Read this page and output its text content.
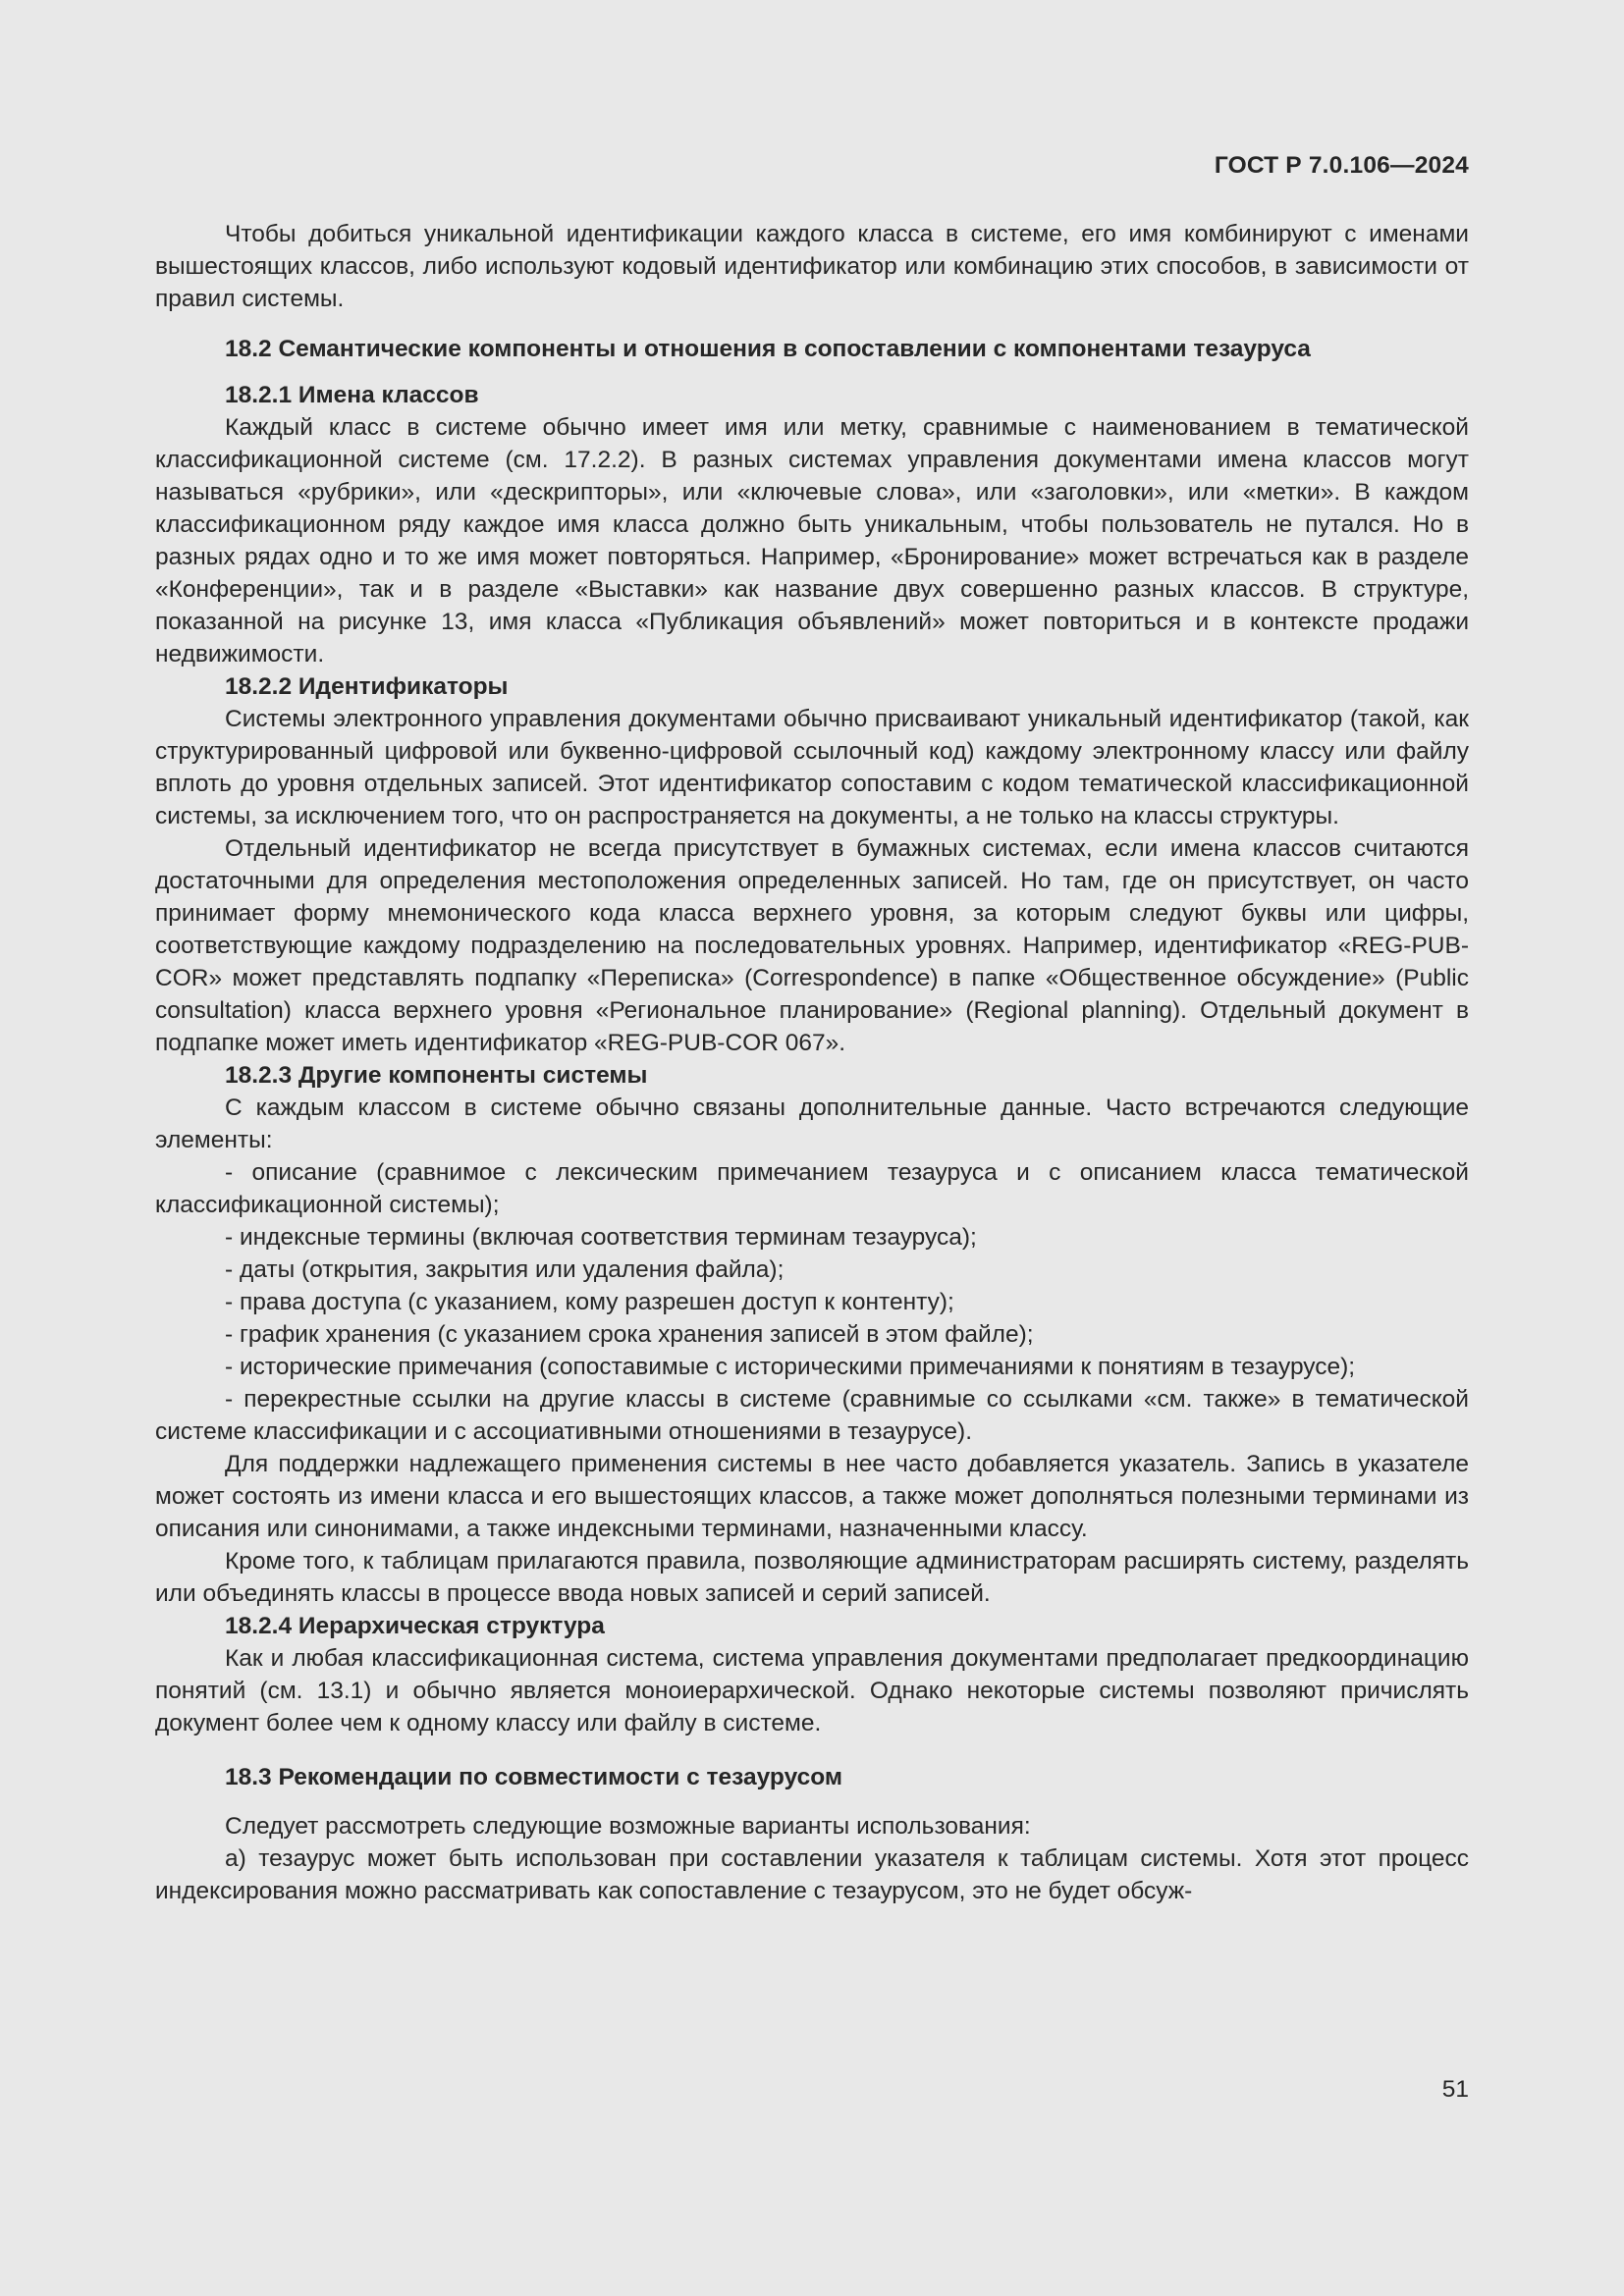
ГОСТ Р 7.0.106—2024

Чтобы добиться уникальной идентификации каждого класса в системе, его имя комбинируют с именами вышестоящих классов, либо используют кодовый идентификатор или комбинацию этих способов, в зависимости от правил системы.

18.2 Семантические компоненты и отношения в сопоставлении с компонентами тезауруса
18.2.1 Имена классов

Каждый класс в системе обычно имеет имя или метку, сравнимые с наименованием в тематической классификационной системе (см. 17.2.2). В разных системах управления документами имена классов могут называться «рубрики», или «дескрипторы», или «ключевые слова», или «заголовки», или «метки». В каждом классификационном ряду каждое имя класса должно быть уникальным, чтобы пользователь не путался. Но в разных рядах одно и то же имя может повторяться. Например, «Бронирование» может встречаться как в разделе «Конференции», так и в разделе «Выставки» как название двух совершенно разных классов. В структуре, показанной на рисунке 13, имя класса «Публикация объявлений» может повториться и в контексте продажи недвижимости.

18.2.2 Идентификаторы

Системы электронного управления документами обычно присваивают уникальный идентификатор (такой, как структурированный цифровой или буквенно-цифровой ссылочный код) каждому электронному классу или файлу вплоть до уровня отдельных записей. Этот идентификатор сопоставим с кодом тематической классификационной системы, за исключением того, что он распространяется на документы, а не только на классы структуры.

Отдельный идентификатор не всегда присутствует в бумажных системах, если имена классов считаются достаточными для определения местоположения определенных записей. Но там, где он присутствует, он часто принимает форму мнемонического кода класса верхнего уровня, за которым следуют буквы или цифры, соответствующие каждому подразделению на последовательных уровнях. Например, идентификатор «REG-PUB-COR» может представлять подпапку «Переписка» (Correspondence) в папке «Общественное обсуждение» (Public consultation) класса верхнего уровня «Региональное планирование» (Regional planning). Отдельный документ в подпапке может иметь идентификатор «REG-PUB-COR 067».

18.2.3 Другие компоненты системы

С каждым классом в системе обычно связаны дополнительные данные. Часто встречаются следующие элементы:

- описание (сравнимое с лексическим примечанием тезауруса и с описанием класса тематической классификационной системы);

- индексные термины (включая соответствия терминам тезауруса);

- даты (открытия, закрытия или удаления файла);

- права доступа (с указанием, кому разрешен доступ к контенту);

- график хранения (с указанием срока хранения записей в этом файле);

- исторические примечания (сопоставимые с историческими примечаниями к понятиям в тезаурусе);

- перекрестные ссылки на другие классы в системе (сравнимые со ссылками «см. также» в тематической системе классификации и с ассоциативными отношениями в тезаурусе).

Для поддержки надлежащего применения системы в нее часто добавляется указатель. Запись в указателе может состоять из имени класса и его вышестоящих классов, а также может дополняться полезными терминами из описания или синонимами, а также индексными терминами, назначенными классу.

Кроме того, к таблицам прилагаются правила, позволяющие администраторам расширять систему, разделять или объединять классы в процессе ввода новых записей и серий записей.

18.2.4 Иерархическая структура

Как и любая классификационная система, система управления документами предполагает предкоординацию понятий (см. 13.1) и обычно является моноиерархической. Однако некоторые системы позволяют причислять документ более чем к одному классу или файлу в системе.

18.3 Рекомендации по совместимости с тезаурусом

Следует рассмотреть следующие возможные варианты использования:

а) тезаурус может быть использован при составлении указателя к таблицам системы. Хотя этот процесс индексирования можно рассматривать как сопоставление с тезаурусом, это не будет обсуж-

51
